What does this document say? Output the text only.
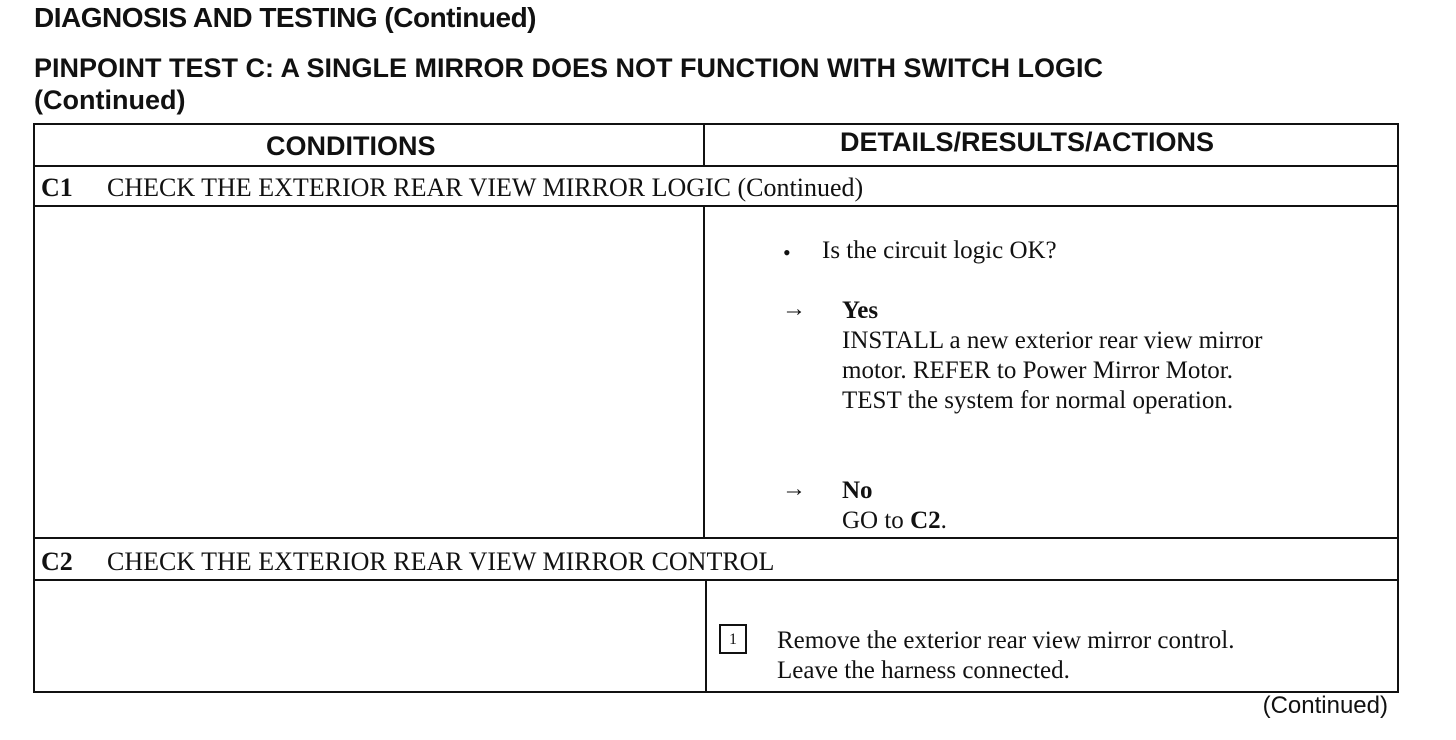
DIAGNOSIS AND TESTING (Continued)
PINPOINT TEST C: A SINGLE MIRROR DOES NOT FUNCTION WITH SWITCH LOGIC
(Continued)
CONDITIONS	DETAILS/RESULTS/ACTIONS
C1 CHECK THE EXTERIOR REAR VIEW MIRROR LOGIC (Continued)
• Is the circuit logic OK?
→ Yes
INSTALL a new exterior rear view mirror
motor. REFER to Power Mirror Motor.
TEST the system for normal operation.
→ No
GO to C2.
C2 CHECK THE EXTERIOR REAR VIEW MIRROR CONTROL
1	Remove the exterior rear view mirror control.
Leave the harness connected.
(Continued)
